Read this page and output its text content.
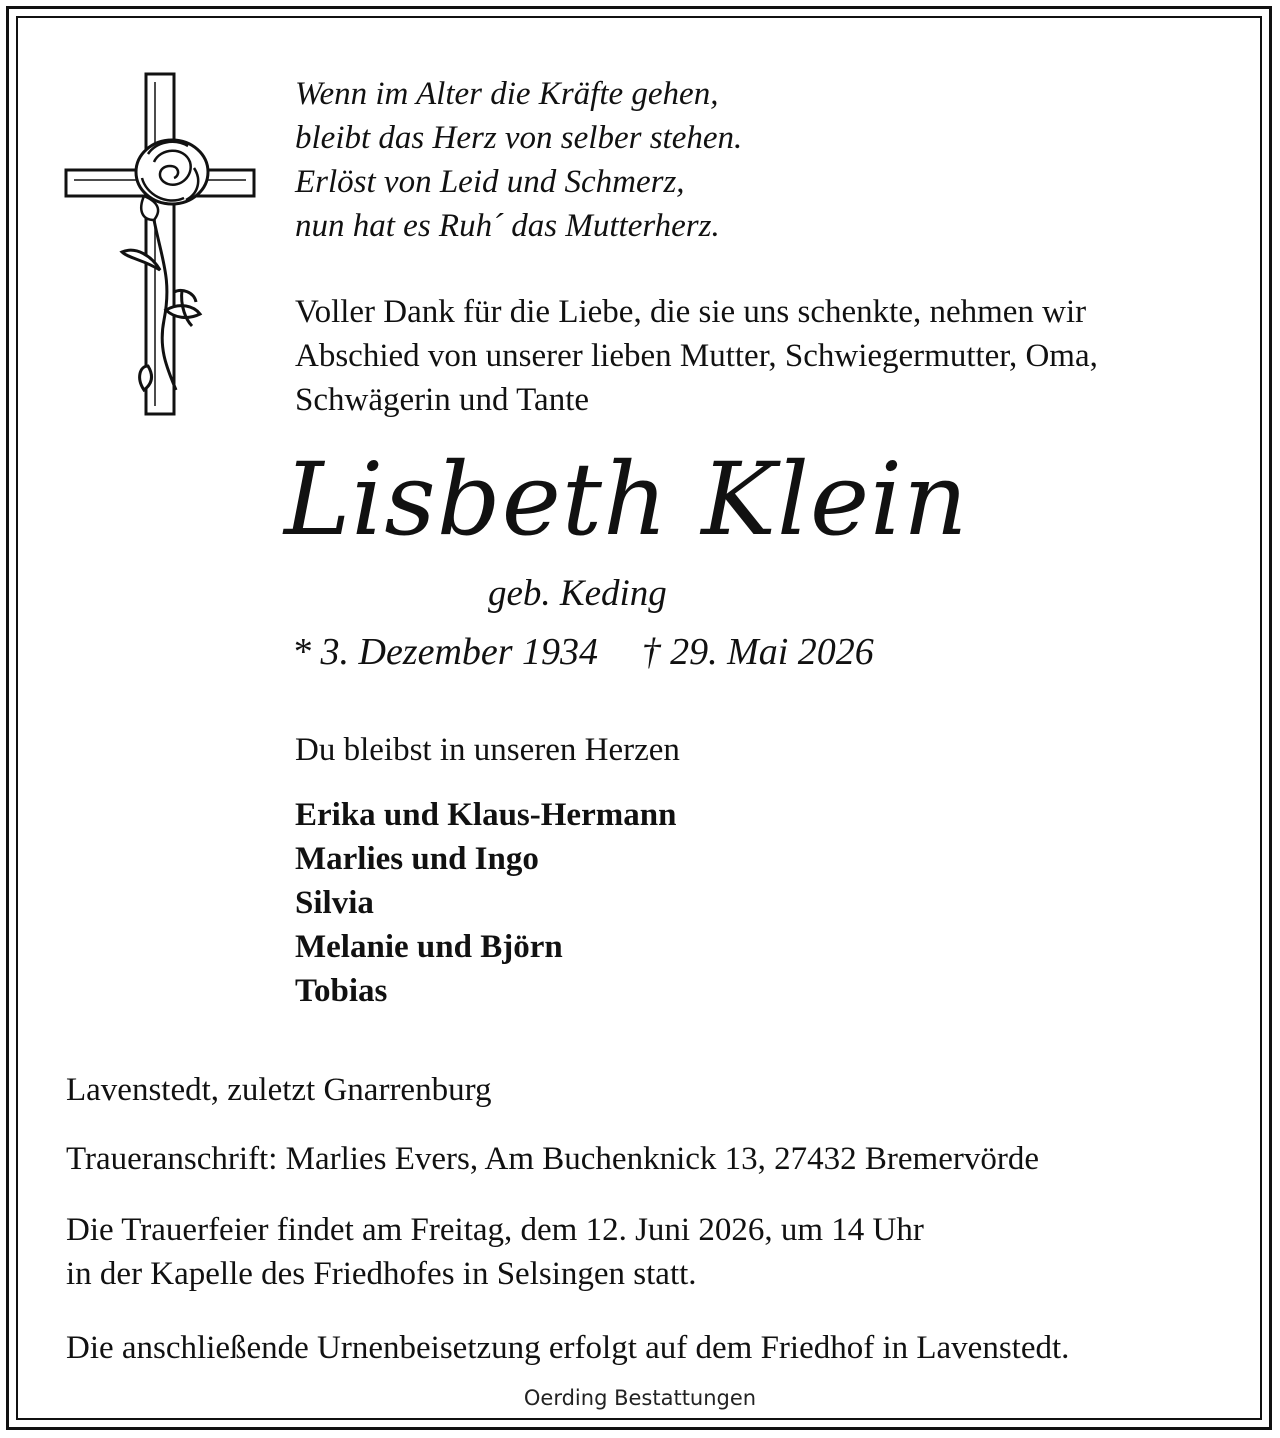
Wenn im Alter die Kräfte gehen,
bleibt das Herz von selber stehen.
Erlöst von Leid und Schmerz,
nun hat es Ruh´ das Mutterherz.
Voller Dank für die Liebe, die sie uns schenkte, nehmen wir
Abschied von unserer lieben Mutter, Schwiegermutter, Oma,
Schwägerin und Tante
Lisbeth Klein
geb. Keding
* 3. Dezember 1934 † 29. Mai 2026
Du bleibst in unseren Herzen
Erika und Klaus-Hermann
Marlies und Ingo
Silvia
Melanie und Björn
Tobias
Lavenstedt, zuletzt Gnarrenburg
Traueranschrift: Marlies Evers, Am Buchenknick 13, 27432 Bremervörde
Die Trauerfeier findet am Freitag, dem 12. Juni 2026, um 14 Uhr
in der Kapelle des Friedhofes in Selsingen statt.
Die anschließende Urnenbeisetzung erfolgt auf dem Friedhof in Lavenstedt.
Oerding Bestattungen
